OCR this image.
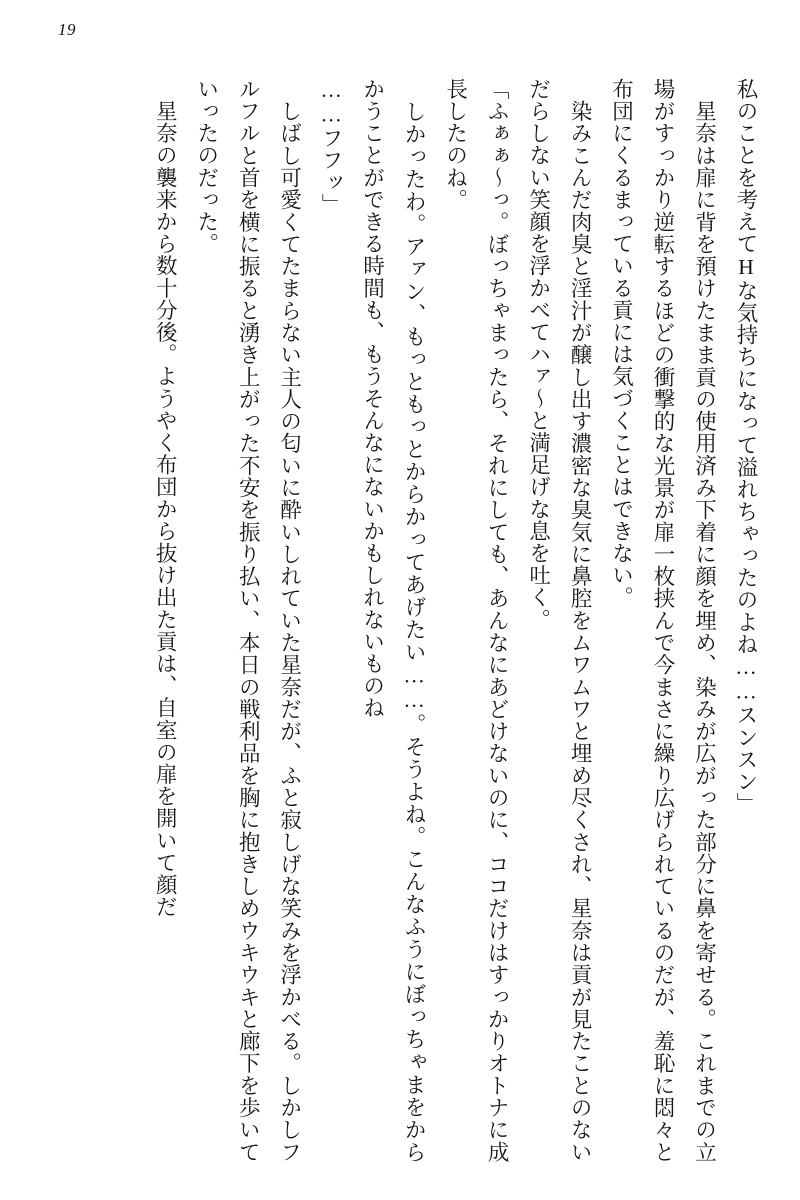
19

私のことを考えてHな気持ちになって溢れちゃったのよね……スンスン」

　星奈は扉に背を預けたまま貢の使用済み下着に顔を埋め、染みが広がった部分に鼻を寄せる。これまでの立場がすっかり逆転するほどの衝撃的な光景が扉一枚挟んで今まさに繰り広げられているのだが、羞恥に悶々と布団にくるまっている貢には気づくことはできない。

　染みこんだ肉臭と淫汁が醸し出す濃密な臭気に鼻腔をムワムワと埋め尽くされ、星奈は貢が見たことのないだらしない笑顔を浮かべてハァ～と満足げな息を吐く。

「ふぁぁ～っ。ぼっちゃまったら、それにしても、あんなにあどけないのに、ココだけはすっかりオトナに成長したのね。

　しかったわ。アァン、もっともっとからかってあげたい……。そうよね。こんなふうにぼっちゃまをからかうことができる時間も、もうそんなにないかもしれないものね

……フフッ」

　しばし可愛くてたまらない主人の匂いに酔いしれていた星奈だが、ふと寂しげな笑みを浮かべる。しかしフルフルと首を横に振ると湧き上がった不安を振り払い、本日の戦利品を胸に抱きしめウキウキと廊下を歩いていったのだった。

　星奈の襲来から数十分後。ようやく布団から抜け出た貢は、自室の扉を開いて顔だ
